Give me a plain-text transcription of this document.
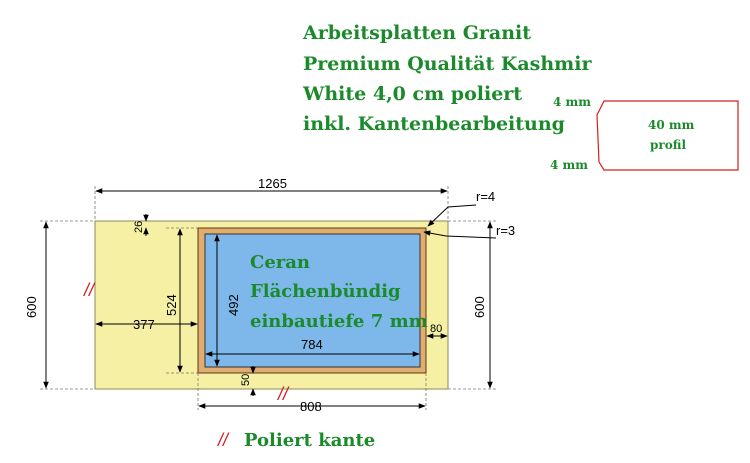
Arbeitsplatten Granit
Premium Qualität Kashmir
White 4,0 cm poliert
inkl. Kantenbearbeitung
4 mm
4 mm
40 mm
profil
Ceran
Flächenbündig
einbautiefe 7 mm
1265
600	600
377
26
524	492
784
80
50
808
r=4
r=3
//
//
// Poliert kante
